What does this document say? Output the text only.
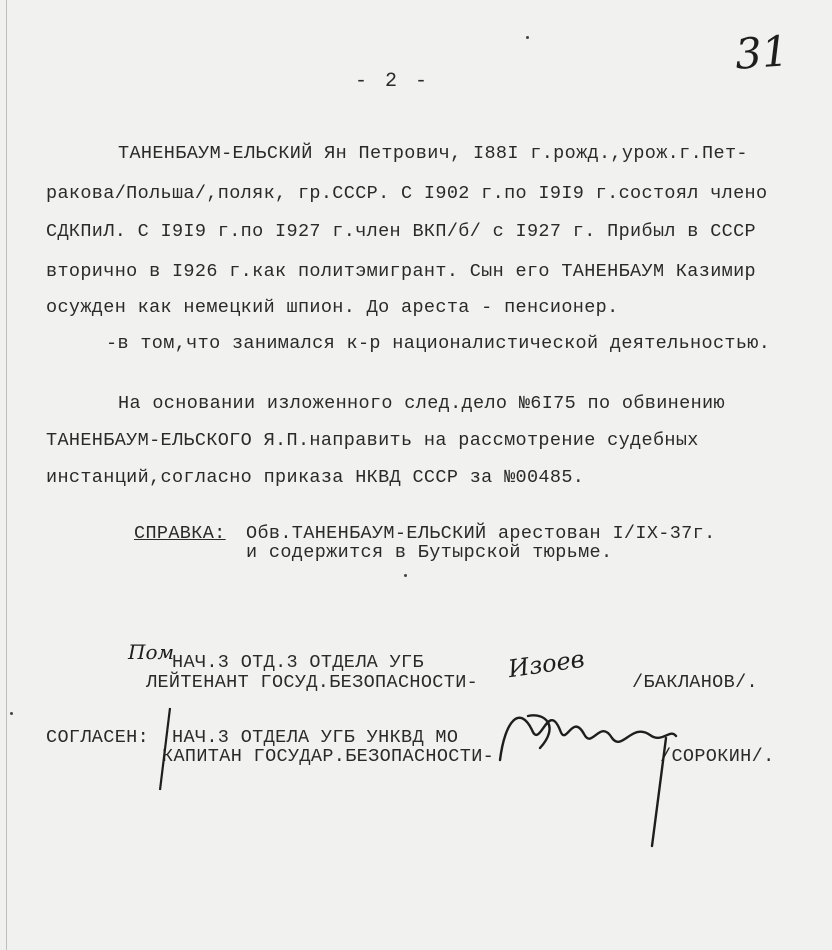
31
- 2 -
ТАНЕНБАУМ-ЕЛЬСКИЙ Ян Петрович, I88I г.рожд.,урож.г.Пет-
ракова/Польша/,поляк, гр.СССР. С I902 г.по I9I9 г.состоял члено
СДКПиЛ. С I9I9 г.по I927 г.член ВКП/б/ с I927 г. Прибыл в СССР
вторично в I926 г.как политэмигрант. Сын его ТАНЕНБАУМ Казимир
осужден как немецкий шпион. До ареста - пенсионер.
-в том,что занимался к-р националистической деятельностью.
На основании изложенного след.дело №6I75 по обвинению
ТАНЕНБАУМ-ЕЛЬСКОГО Я.П.направить на рассмотрение судебных
инстанций,согласно приказа НКВД СССР за №00485.
СПРАВКА: Обв.ТАНЕНБАУМ-ЕЛЬСКИЙ арестован I/IX-37г.
и содержится в Бутырской тюрьме.
Пом
НАЧ.3 ОТД.3 ОТДЕЛА УГБ
ЛЕЙТЕНАНТ ГОСУД.БЕЗОПАСНОСТИ- Изоев /БАКЛАНОВ/.
СОГЛАСЕН: НАЧ.3 ОТДЕЛА УГБ УНКВД МО
КАПИТАН ГОСУДАР.БЕЗОПАСНОСТИ-	/СОРОКИН/.
